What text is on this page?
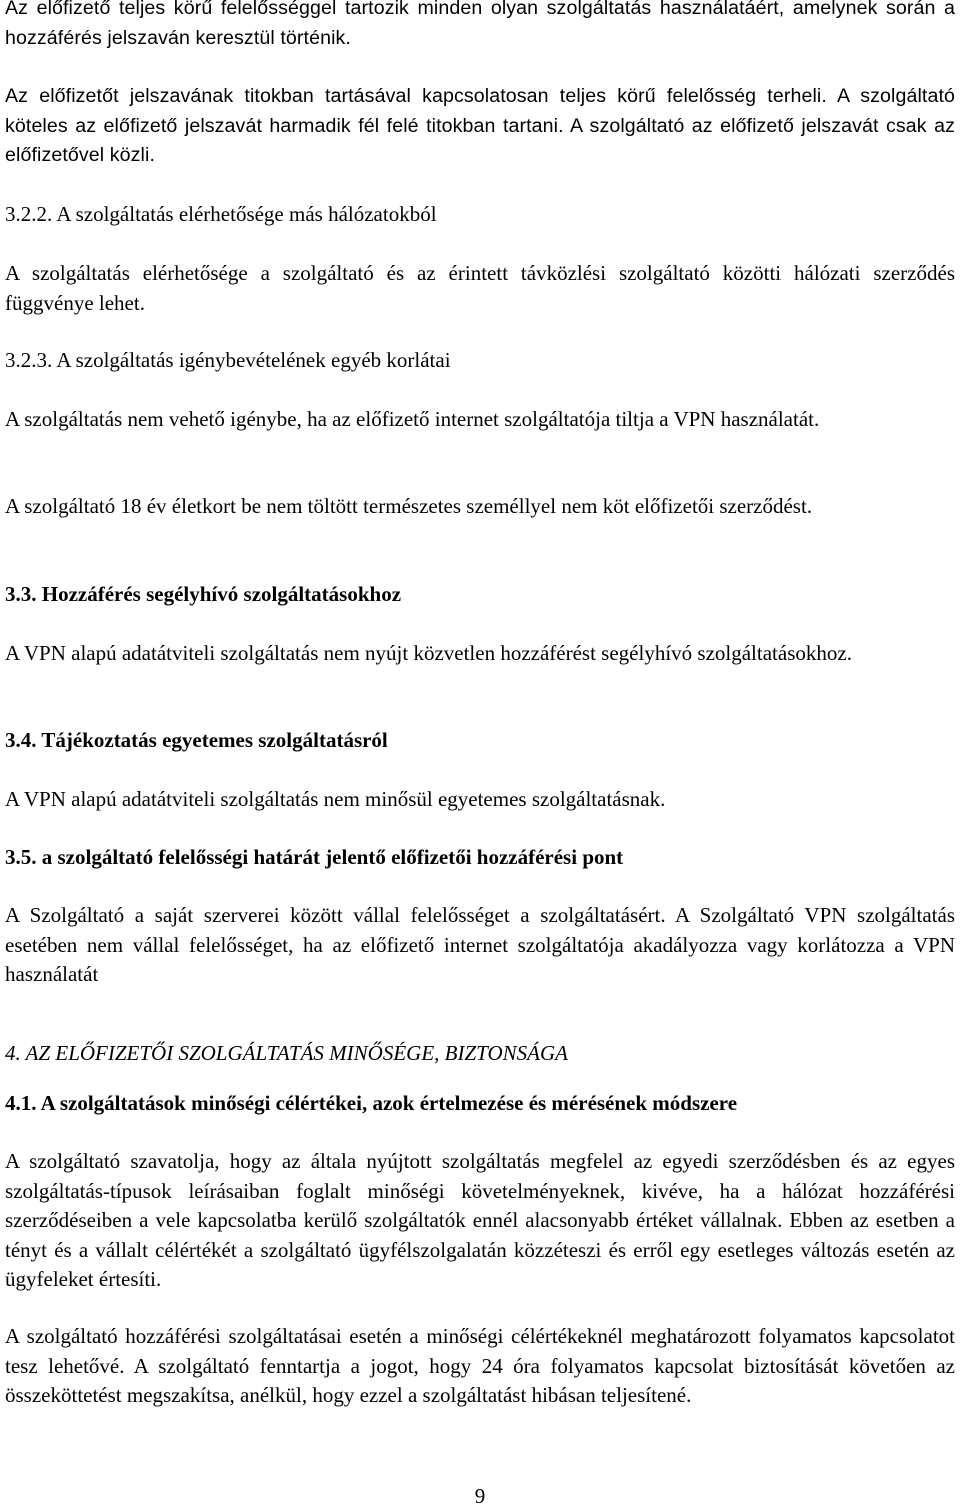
Az előfizető teljes körű felelősséggel tartozik minden olyan szolgáltatás használatáért, amelynek során a hozzáférés jelszaván keresztül történik.

Az előfizetőt jelszavának titokban tartásával kapcsolatosan teljes körű felelősség terheli. A szolgáltató köteles az előfizető jelszavát harmadik fél felé titokban tartani. A szolgáltató az előfizető jelszavát csak az előfizetővel közli.

3.2.2. A szolgáltatás elérhetősége más hálózatokból

A szolgáltatás elérhetősége a szolgáltató és az érintett távközlési szolgáltató közötti hálózati szerződés függvénye lehet.

3.2.3. A szolgáltatás igénybevételének egyéb korlátai

A szolgáltatás nem vehető igénybe, ha az előfizető internet szolgáltatója tiltja a VPN használatát.

A szolgáltató 18 év életkort be nem töltött természetes személlyel nem köt előfizetői szerződést.

3.3. Hozzáférés segélyhívó szolgáltatásokhoz

A VPN alapú adatátviteli szolgáltatás nem nyújt közvetlen hozzáférést segélyhívó szolgáltatásokhoz.

3.4. Tájékoztatás egyetemes szolgáltatásról

A VPN alapú adatátviteli szolgáltatás nem minősül egyetemes szolgáltatásnak.

3.5. a szolgáltató felelősségi határát jelentő előfizetői hozzáférési pont

A Szolgáltató a saját szerverei között vállal felelősséget a szolgáltatásért. A Szolgáltató VPN szolgáltatás esetében nem vállal felelősséget, ha az előfizető internet szolgáltatója akadályozza vagy korlátozza a VPN használatát

4. AZ ELŐFIZETŐI SZOLGÁLTATÁS MINŐSÉGE, BIZTONSÁGA

4.1. A szolgáltatások minőségi célértékei, azok értelmezése és mérésének módszere

A szolgáltató szavatolja, hogy az általa nyújtott szolgáltatás megfelel az egyedi szerződésben és az egyes szolgáltatás-típusok leírásaiban foglalt minőségi követelményeknek, kivéve, ha a hálózat hozzáférési szerződéseiben a vele kapcsolatba kerülő szolgáltatók ennél alacsonyabb értéket vállalnak. Ebben az esetben a tényt és a vállalt célértékét a szolgáltató ügyfélszolgalatán közzéteszi és erről egy esetleges változás esetén az ügyfeleket értesíti.

A szolgáltató hozzáférési szolgáltatásai esetén a minőségi célértékeknél meghatározott folyamatos kapcsolatot tesz lehetővé. A szolgáltató fenntartja a jogot, hogy 24 óra folyamatos kapcsolat biztosítását követően az összeköttetést megszakítsa, anélkül, hogy ezzel a szolgáltatást hibásan teljesítené.

9
